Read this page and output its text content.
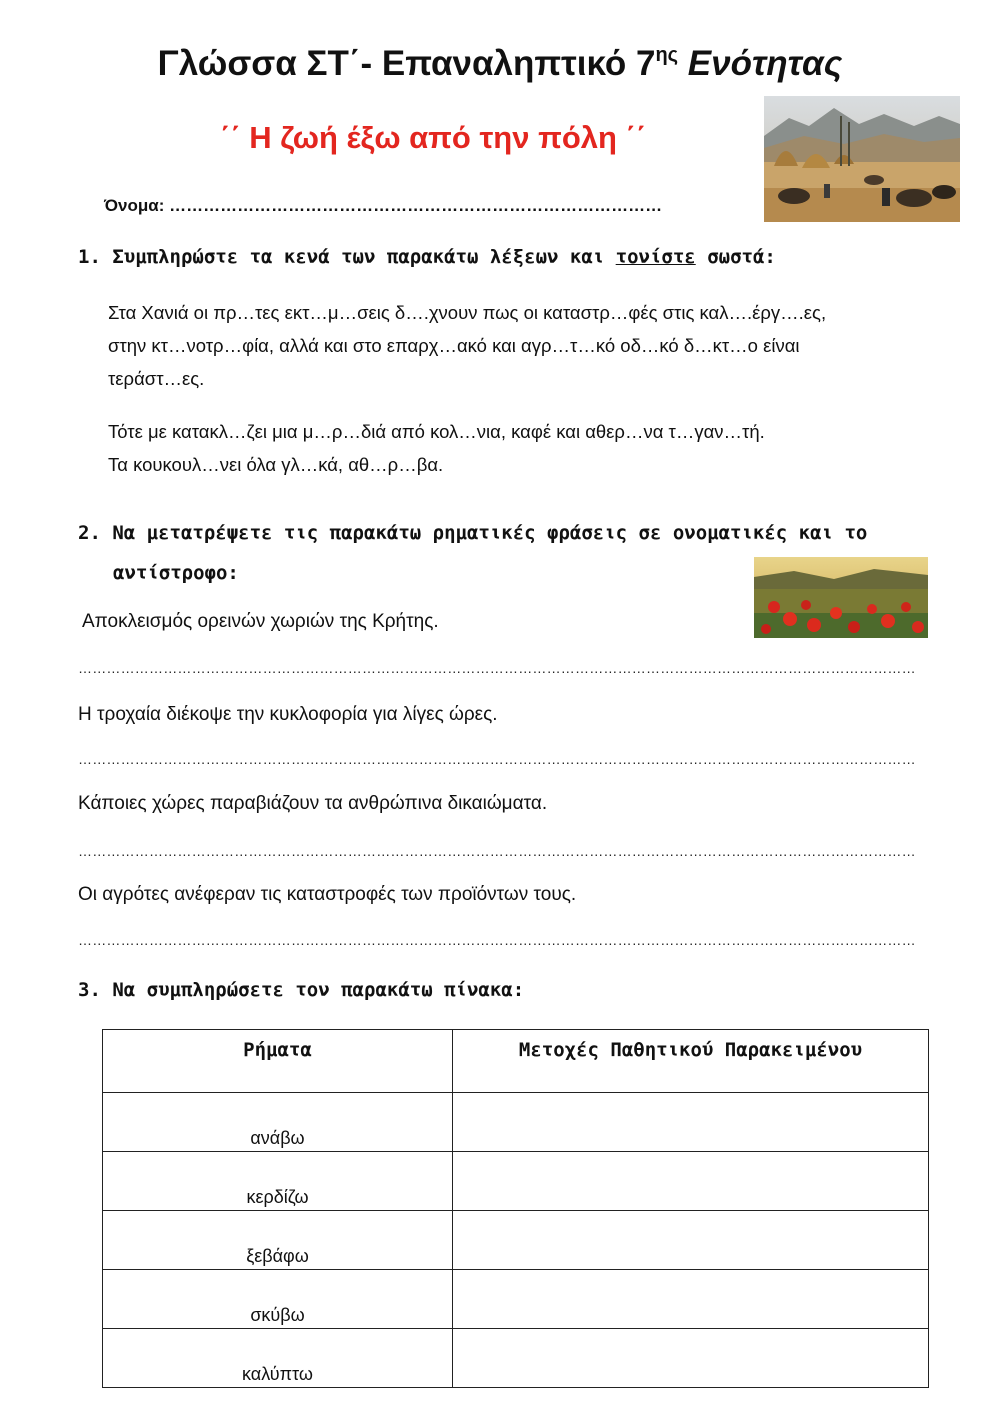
Γλώσσα ΣΤ΄- Επαναληπτικό $7^{\eta\varsigma}$ Ενότητας
΄΄ Η ζωή έξω από την πόλη ΄΄
Όνομα: ……………………………………………………………………………
1. Συμπληρώστε τα κενά των παρακάτω λέξεων και τονίστε σωστά:
Στα Χανιά οι πρ…τες εκτ…μ…σεις δ….χνουν πως οι καταστρ…φές στις καλ….έργ….ες,
στην κτ…νοτρ…φία, αλλά και στο επαρχ…ακό και αγρ…τ…κό οδ…κό δ…κτ…ο είναι
τεράστ…ες.
Τότε με κατακλ…ζει μια μ…ρ…διά από κολ…νια, καφέ και αθερ…να τ…γαν…τή.
Τα κουκουλ…νει όλα γλ…κά, αθ…ρ…βα.
2. Να μετατρέψετε τις παρακάτω ρηματικές φράσεις σε ονοματικές και το
αντίστροφο:
Αποκλεισμός ορεινών χωριών της Κρήτης.
……………………………………………………………………………………………………………………………………………………………
Η τροχαία διέκοψε την κυκλοφορία για λίγες ώρες.
……………………………………………………………………………………………………………………………………………………………
Κάποιες χώρες παραβιάζουν τα ανθρώπινα δικαιώματα.
……………………………………………………………………………………………………………………………………………………………
Οι αγρότες ανέφεραν τις καταστροφές των προϊόντων τους.
……………………………………………………………………………………………………………………………………………………………
3. Να συμπληρώσετε τον παρακάτω πίνακα:
Ρήματα	Μετοχές Παθητικού Παρακειμένου
ανάβω	
κερδίζω	
ξεβάφω	
σκύβω	
καλύπτω	
